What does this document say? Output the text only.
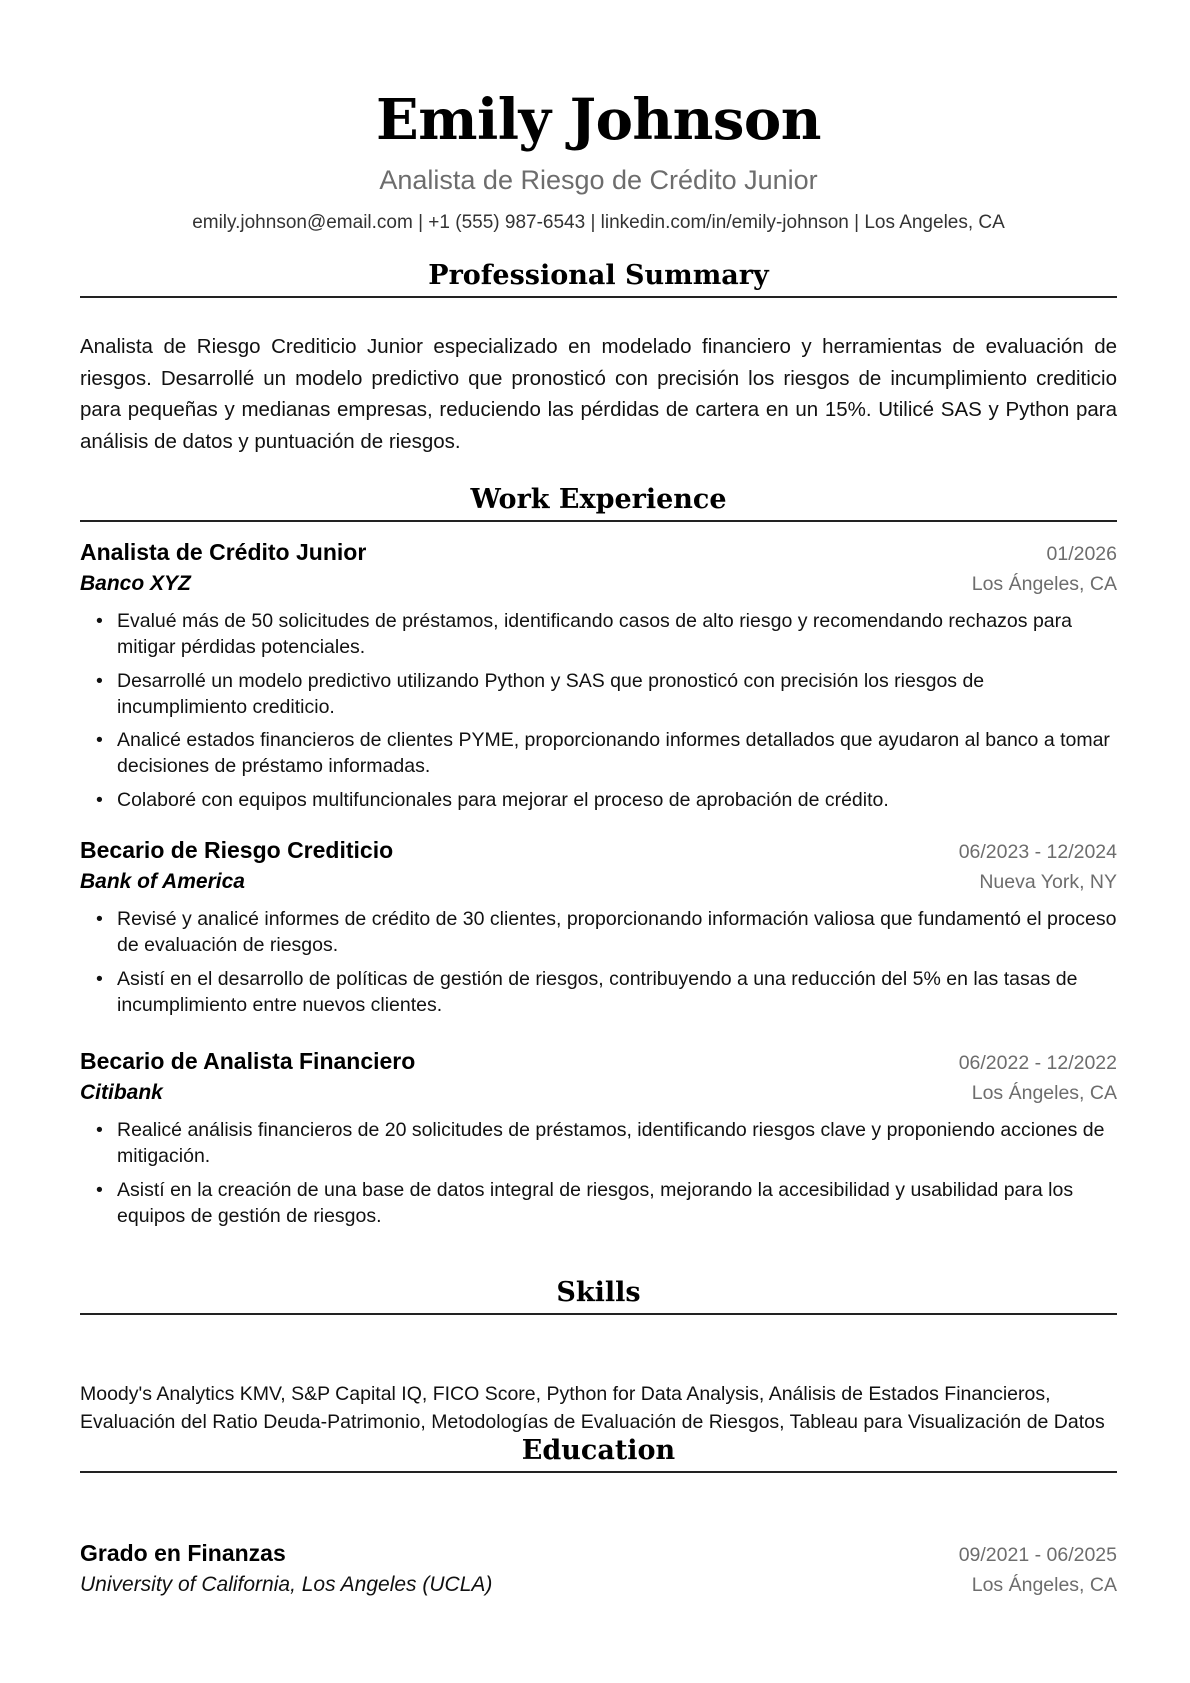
Emily Johnson
Analista de Riesgo de Crédito Junior
emily.johnson@email.com | +1 (555) 987-6543 | linkedin.com/in/emily-johnson | Los Angeles, CA
Professional Summary
Analista de Riesgo Crediticio Junior especializado en modelado financiero y herramientas de evaluación de riesgos. Desarrollé un modelo predictivo que pronosticó con precisión los riesgos de incumplimiento crediticio para pequeñas y medianas empresas, reduciendo las pérdidas de cartera en un 15%. Utilicé SAS y Python para análisis de datos y puntuación de riesgos.
Work Experience
Analista de Crédito Junior	01/2026
Banco XYZ	Los Ángeles, CA
• Evalué más de 50 solicitudes de préstamos, identificando casos de alto riesgo y recomendando rechazos para mitigar pérdidas potenciales.
• Desarrollé un modelo predictivo utilizando Python y SAS que pronosticó con precisión los riesgos de incumplimiento crediticio.
• Analicé estados financieros de clientes PYME, proporcionando informes detallados que ayudaron al banco a tomar decisiones de préstamo informadas.
• Colaboré con equipos multifuncionales para mejorar el proceso de aprobación de crédito.
Becario de Riesgo Crediticio	06/2023 - 12/2024
Bank of America	Nueva York, NY
• Revisé y analicé informes de crédito de 30 clientes, proporcionando información valiosa que fundamentó el proceso de evaluación de riesgos.
• Asistí en el desarrollo de políticas de gestión de riesgos, contribuyendo a una reducción del 5% en las tasas de incumplimiento entre nuevos clientes.
Becario de Analista Financiero	06/2022 - 12/2022
Citibank	Los Ángeles, CA
• Realicé análisis financieros de 20 solicitudes de préstamos, identificando riesgos clave y proponiendo acciones de mitigación.
• Asistí en la creación de una base de datos integral de riesgos, mejorando la accesibilidad y usabilidad para los equipos de gestión de riesgos.
Skills
Moody's Analytics KMV, S&P Capital IQ, FICO Score, Python for Data Analysis, Análisis de Estados Financieros, Evaluación del Ratio Deuda-Patrimonio, Metodologías de Evaluación de Riesgos, Tableau para Visualización de Datos
Education
Grado en Finanzas	09/2021 - 06/2025
University of California, Los Angeles (UCLA)	Los Ángeles, CA
